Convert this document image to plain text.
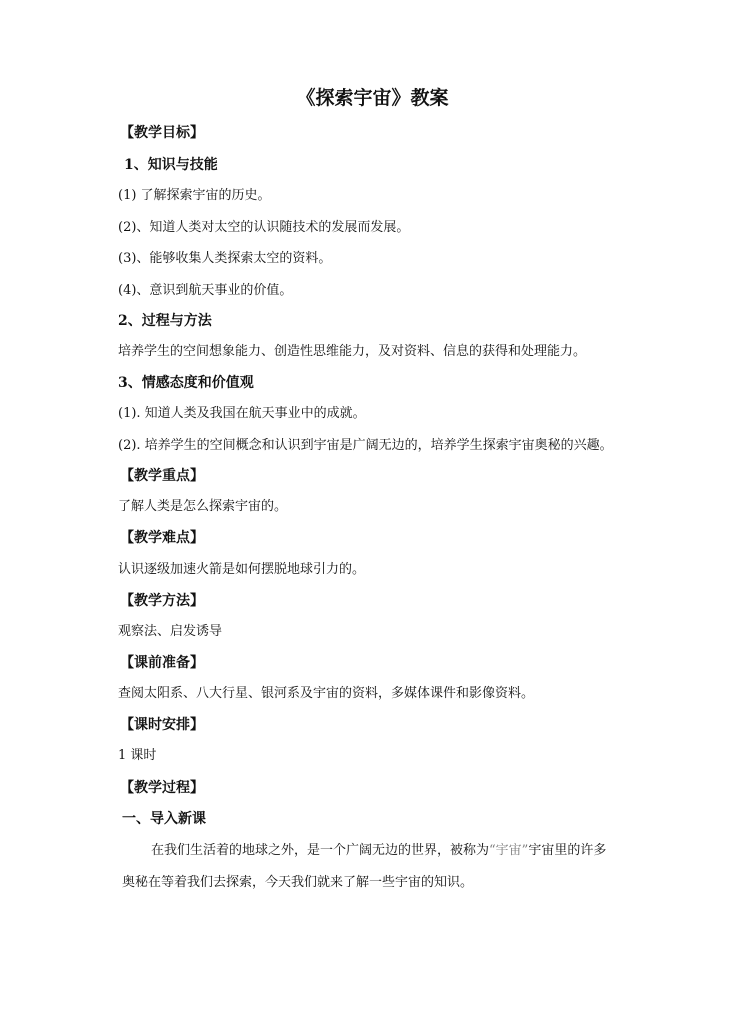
《探索宇宙》教案
【教学目标】
1、知识与技能
(1) 了解探索宇宙的历史。
(2)、知道人类对太空的认识随技术的发展而发展。
(3)、能够收集人类探索太空的资料。
(4)、意识到航天事业的价值。
2、过程与方法
培养学生的空间想象能力、创造性思维能力，及对资料、信息的获得和处理能力。
3、情感态度和价值观
(1). 知道人类及我国在航天事业中的成就。
(2). 培养学生的空间概念和认识到宇宙是广阔无边的，培养学生探索宇宙奥秘的兴趣。
【教学重点】
了解人类是怎么探索宇宙的。
【教学难点】
认识逐级加速火箭是如何摆脱地球引力的。
【教学方法】
观察法、启发诱导
【课前准备】
查阅太阳系、八大行星、银河系及宇宙的资料，多媒体课件和影像资料。
【课时安排】
1 课时
【教学过程】
一、导入新课
在我们生活着的地球之外，是一个广阔无边的世界，被称为“宇宙”宇宙里的许多
奥秘在等着我们去探索，今天我们就来了解一些宇宙的知识。
